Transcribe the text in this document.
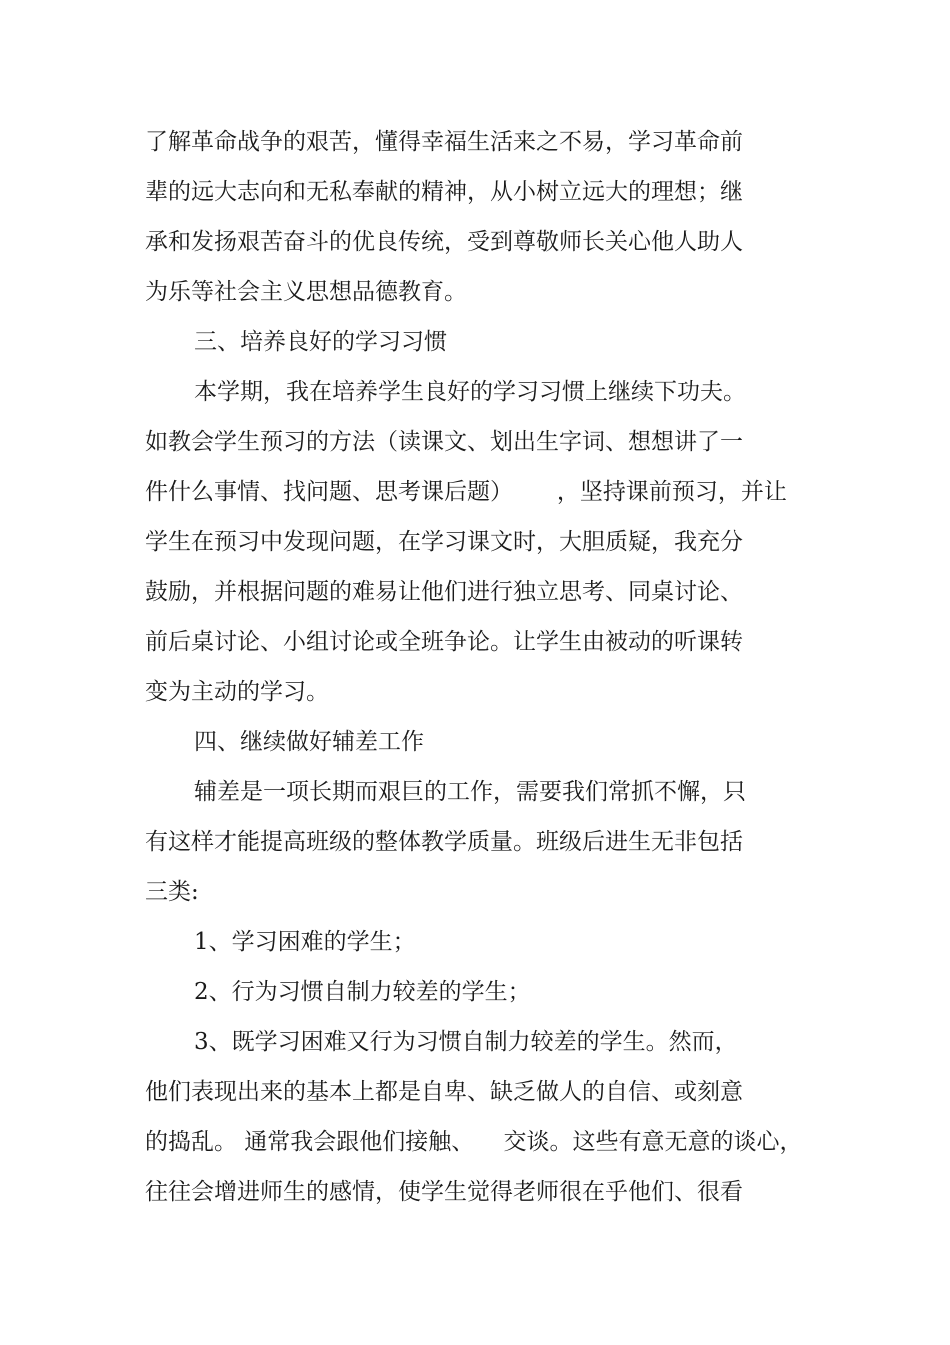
了解革命战争的艰苦，懂得幸福生活来之不易，学习革命前
辈的远大志向和无私奉献的精神，从小树立远大的理想；继
承和发扬艰苦奋斗的优良传统，受到尊敬师长关心他人助人
为乐等社会主义思想品德教育。
三、培养良好的学习习惯
本学期，我在培养学生良好的学习习惯上继续下功夫。
如教会学生预习的方法（读课文、划出生字词、想想讲了一
件什么事情、找问题、思考课后题）      ，坚持课前预习，并让
学生在预习中发现问题，在学习课文时，大胆质疑，我充分
鼓励，并根据问题的难易让他们进行独立思考、同桌讨论、
前后桌讨论、小组讨论或全班争论。让学生由被动的听课转
变为主动的学习。
四、继续做好辅差工作
辅差是一项长期而艰巨的工作，需要我们常抓不懈，只
有这样才能提高班级的整体教学质量。班级后进生无非包括
三类:
1、学习困难的学生；
2、行为习惯自制力较差的学生；
3、既学习困难又行为习惯自制力较差的学生。然而，
他们表现出来的基本上都是自卑、缺乏做人的自信、或刻意
的捣乱。 通常我会跟他们接触、    交谈。这些有意无意的谈心，
往往会增进师生的感情，使学生觉得老师很在乎他们、很看
